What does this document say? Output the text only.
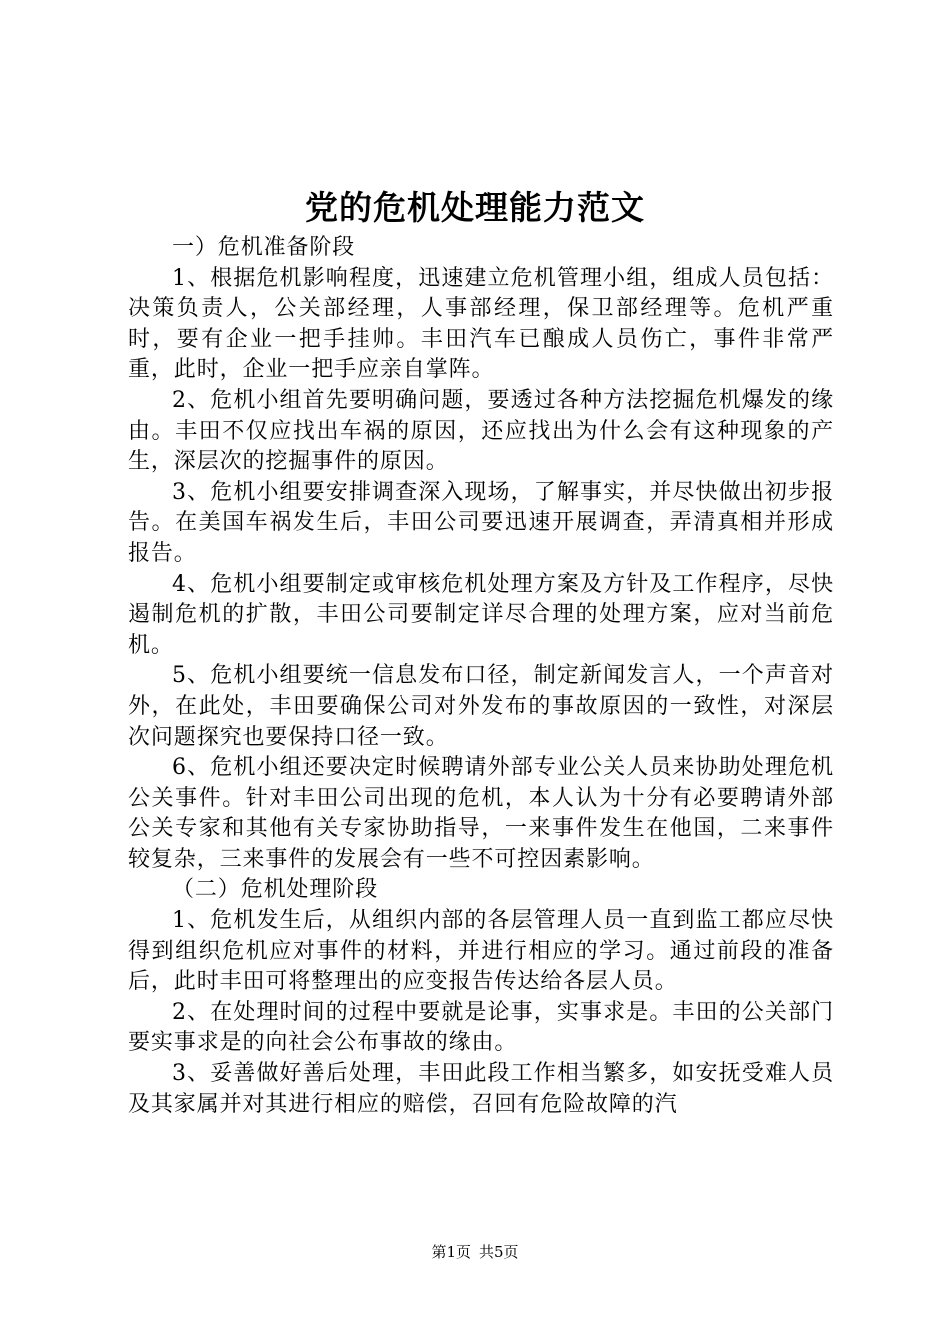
党的危机处理能力范文

一）危机准备阶段

1、根据危机影响程度，迅速建立危机管理小组，组成人员包括：决策负责人，公关部经理，人事部经理，保卫部经理等。危机严重时，要有企业一把手挂帅。丰田汽车已酿成人员伤亡，事件非常严重，此时，企业一把手应亲自掌阵。

2、危机小组首先要明确问题，要透过各种方法挖掘危机爆发的缘由。丰田不仅应找出车祸的原因，还应找出为什么会有这种现象的产生，深层次的挖掘事件的原因。

3、危机小组要安排调查深入现场，了解事实，并尽快做出初步报告。在美国车祸发生后，丰田公司要迅速开展调查，弄清真相并形成报告。

4、危机小组要制定或审核危机处理方案及方针及工作程序，尽快遏制危机的扩散，丰田公司要制定详尽合理的处理方案，应对当前危机。

5、危机小组要统一信息发布口径，制定新闻发言人，一个声音对外，在此处，丰田要确保公司对外发布的事故原因的一致性，对深层次问题探究也要保持口径一致。

6、危机小组还要决定时候聘请外部专业公关人员来协助处理危机公关事件。针对丰田公司出现的危机，本人认为十分有必要聘请外部公关专家和其他有关专家协助指导，一来事件发生在他国，二来事件较复杂，三来事件的发展会有一些不可控因素影响。

（二）危机处理阶段

1、危机发生后，从组织内部的各层管理人员一直到监工都应尽快得到组织危机应对事件的材料，并进行相应的学习。通过前段的准备后，此时丰田可将整理出的应变报告传达给各层人员。

2、在处理时间的过程中要就是论事，实事求是。丰田的公关部门要实事求是的向社会公布事故的缘由。

3、妥善做好善后处理，丰田此段工作相当繁多，如安抚受难人员及其家属并对其进行相应的赔偿，召回有危险故障的汽

第1页 共5页
